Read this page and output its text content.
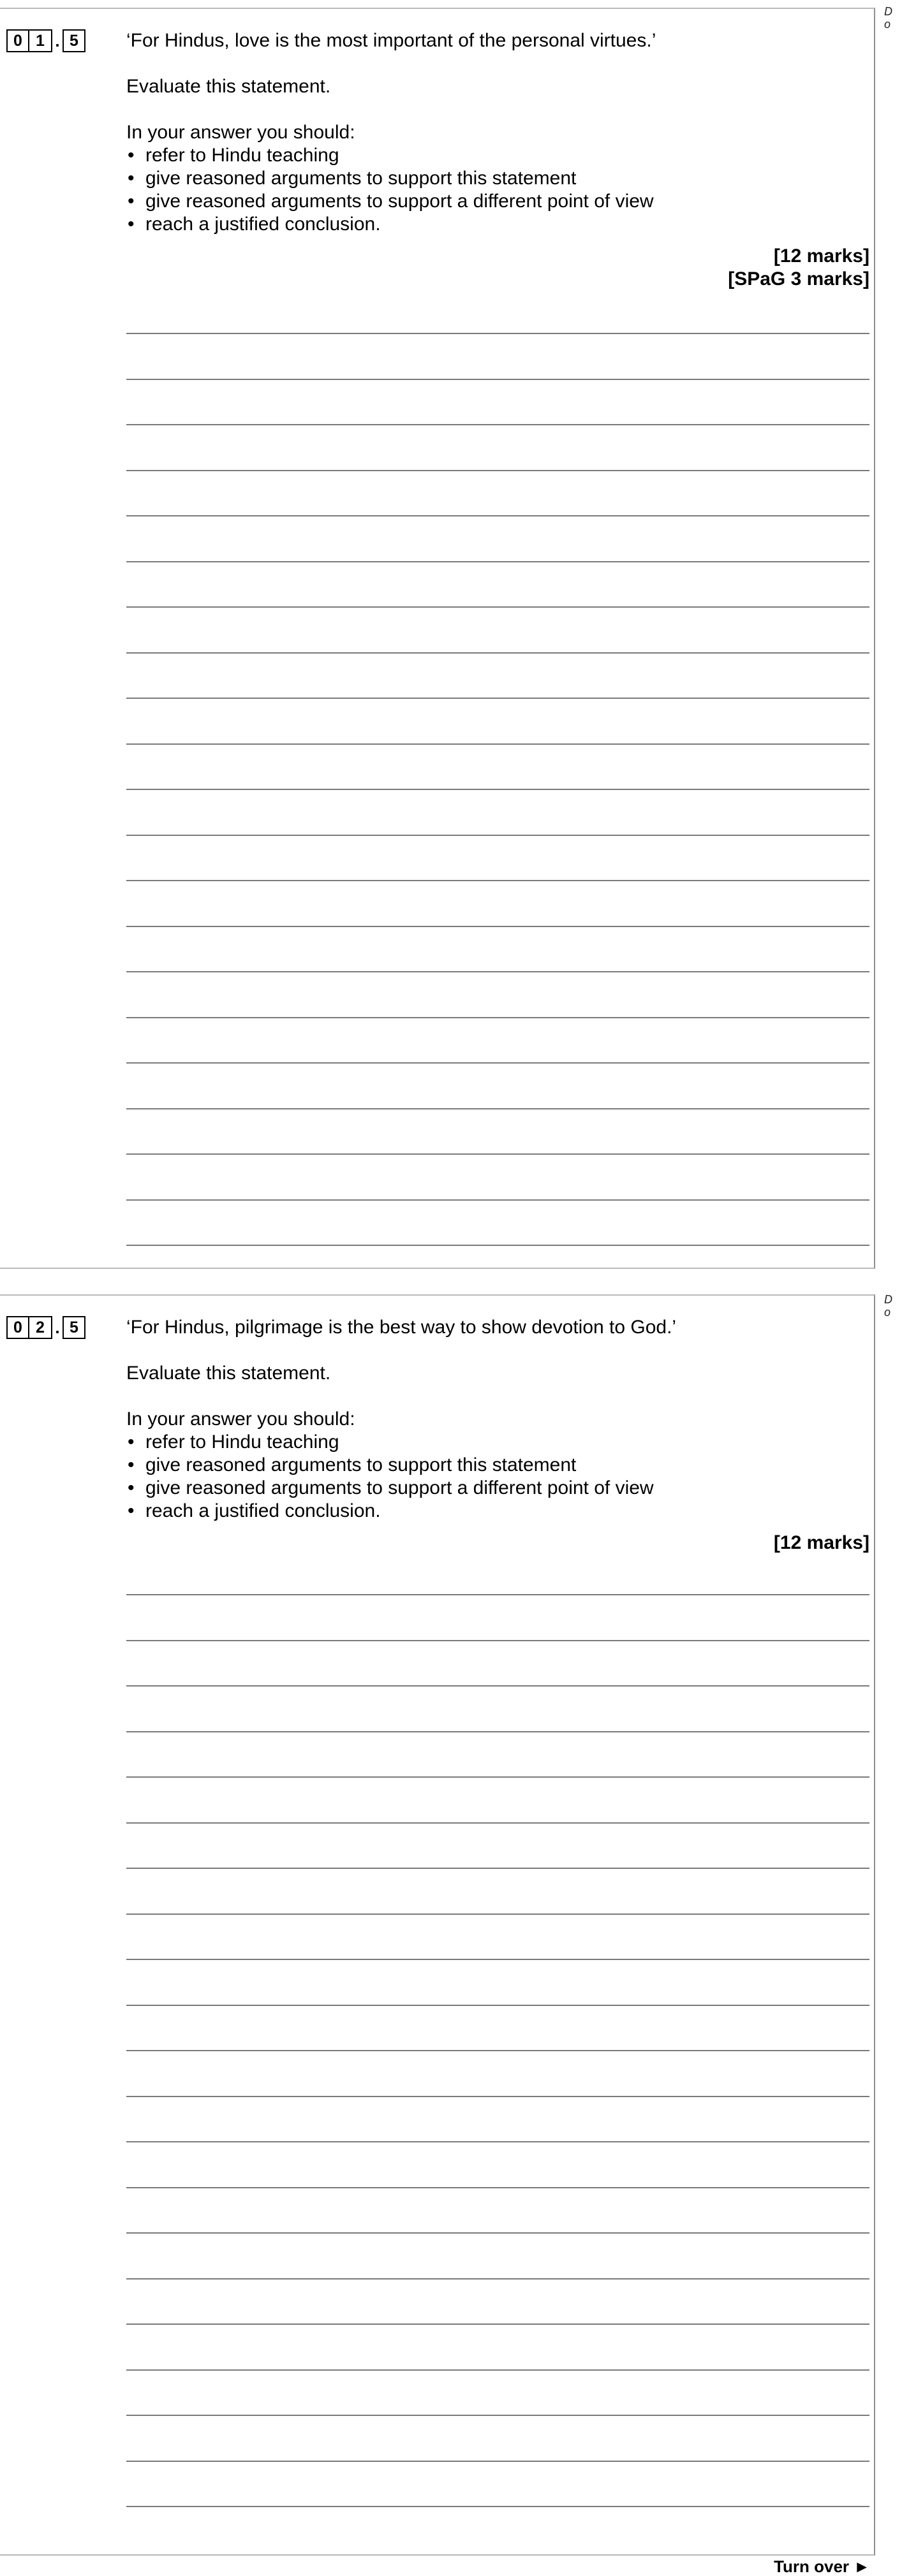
D
o
0 1 . 5	‘For Hindus, love is the most important of the personal virtues.’

Evaluate this statement.

In your answer you should:

• refer to Hindu teaching
• give reasoned arguments to support this statement
• give reasoned arguments to support a different point of view
• reach a justified conclusion.

[12 marks]

[SPaG 3 marks]

D
o
0 2 . 5	‘For Hindus, pilgrimage is the best way to show devotion to God.’

Evaluate this statement.

In your answer you should:

• refer to Hindu teaching
• give reasoned arguments to support this statement
• give reasoned arguments to support a different point of view
• reach a justified conclusion.

[12 marks]

Turn over ►
